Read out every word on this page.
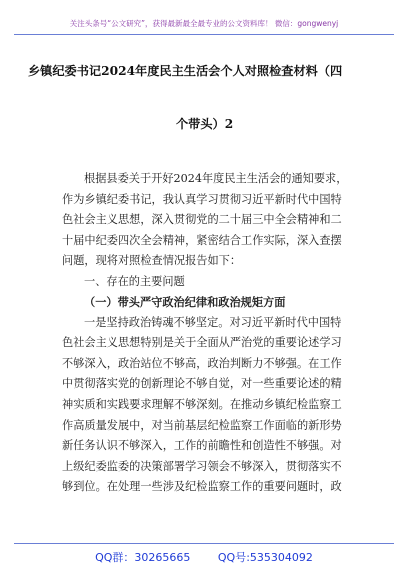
关注头条号“公文研究”，获得最新最全最专业的公文资料库！ 微信：gongwenyj
乡镇纪委书记2024年度民主生活会个人对照检查材料（四
个带头）2
根据县委关于开好2024年度民主生活会的通知要求，
作为乡镇纪委书记，我认真学习贯彻习近平新时代中国特
色社会主义思想，深入贯彻党的二十届三中全会精神和二
十届中纪委四次全会精神，紧密结合工作实际，深入查摆
问题，现将对照检查情况报告如下：
一、存在的主要问题
（一）带头严守政治纪律和政治规矩方面
一是坚持政治铸魂不够坚定。对习近平新时代中国特
色社会主义思想特别是关于全面从严治党的重要论述学习
不够深入，政治站位不够高，政治判断力不够强。在工作
中贯彻落实党的创新理论不够自觉，对一些重要论述的精
神实质和实践要求理解不够深刻。在推动乡镇纪检监察工
作高质量发展中，对当前基层纪检监察工作面临的新形势
新任务认识不够深入，工作的前瞻性和创造性不够强。对
上级纪委监委的决策部署学习领会不够深入，贯彻落实不
够到位。在处理一些涉及纪检监察工作的重要问题时，政
QQ群：30265665	QQ号:535304092
